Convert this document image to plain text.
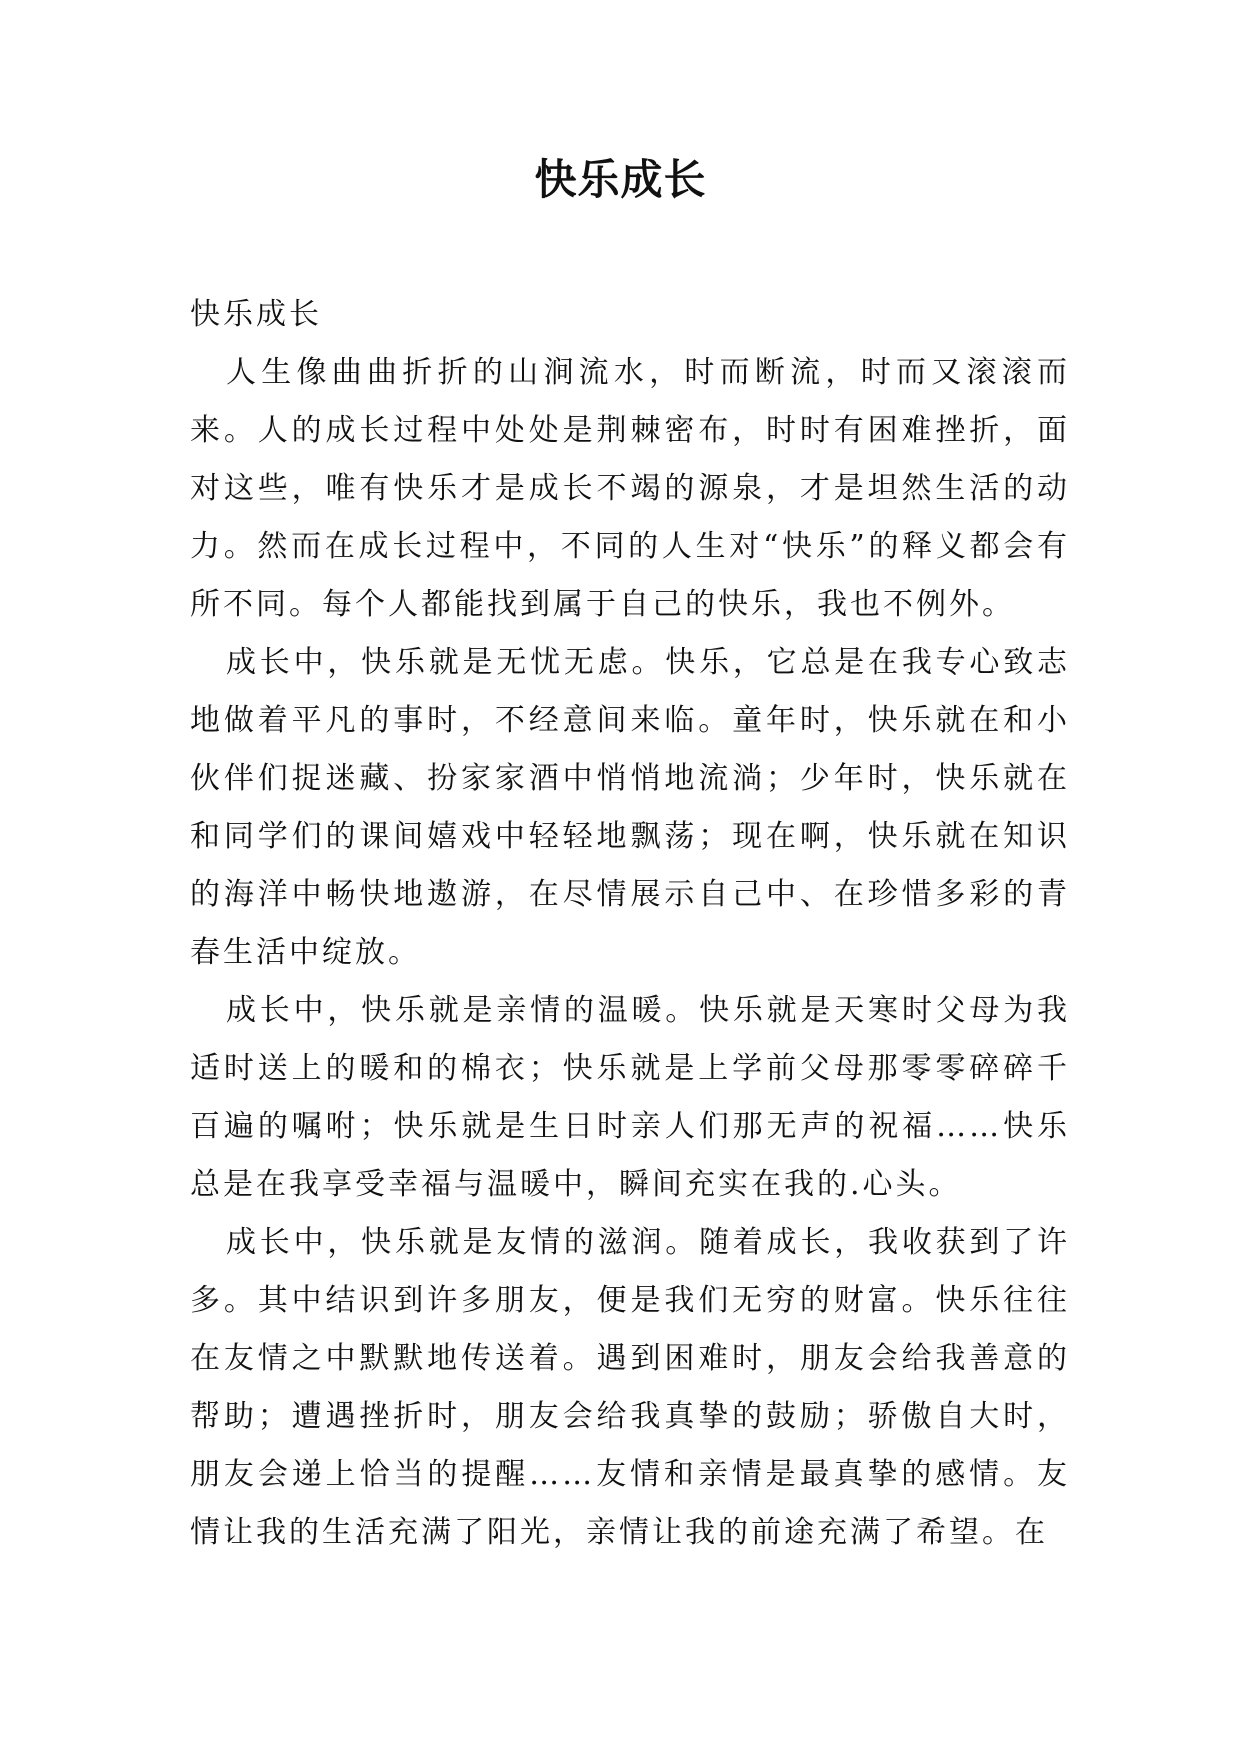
快乐成长

快乐成长

人生像曲曲折折的山涧流水，时而断流，时而又滚滚而来。人的成长过程中处处是荆棘密布，时时有困难挫折，面对这些，唯有快乐才是成长不竭的源泉，才是坦然生活的动力。然而在成长过程中，不同的人生对“快乐”的释义都会有所不同。每个人都能找到属于自己的快乐，我也不例外。

成长中，快乐就是无忧无虑。快乐，它总是在我专心致志地做着平凡的事时，不经意间来临。童年时，快乐就在和小伙伴们捉迷藏、扮家家酒中悄悄地流淌；少年时，快乐就在和同学们的课间嬉戏中轻轻地飘荡；现在啊，快乐就在知识的海洋中畅快地遨游，在尽情展示自己中、在珍惜多彩的青春生活中绽放。

成长中，快乐就是亲情的温暖。快乐就是天寒时父母为我适时送上的暖和的棉衣；快乐就是上学前父母那零零碎碎千百遍的嘱咐；快乐就是生日时亲人们那无声的祝福……快乐总是在我享受幸福与温暖中，瞬间充实在我的.心头。

成长中，快乐就是友情的滋润。随着成长，我收获到了许多。其中结识到许多朋友，便是我们无穷的财富。快乐往往在友情之中默默地传送着。遇到困难时，朋友会给我善意的帮助；遭遇挫折时，朋友会给我真挚的鼓励；骄傲自大时，朋友会递上恰当的提醒……友情和亲情是最真挚的感情。友情让我的生活充满了阳光，亲情让我的前途充满了希望。在
